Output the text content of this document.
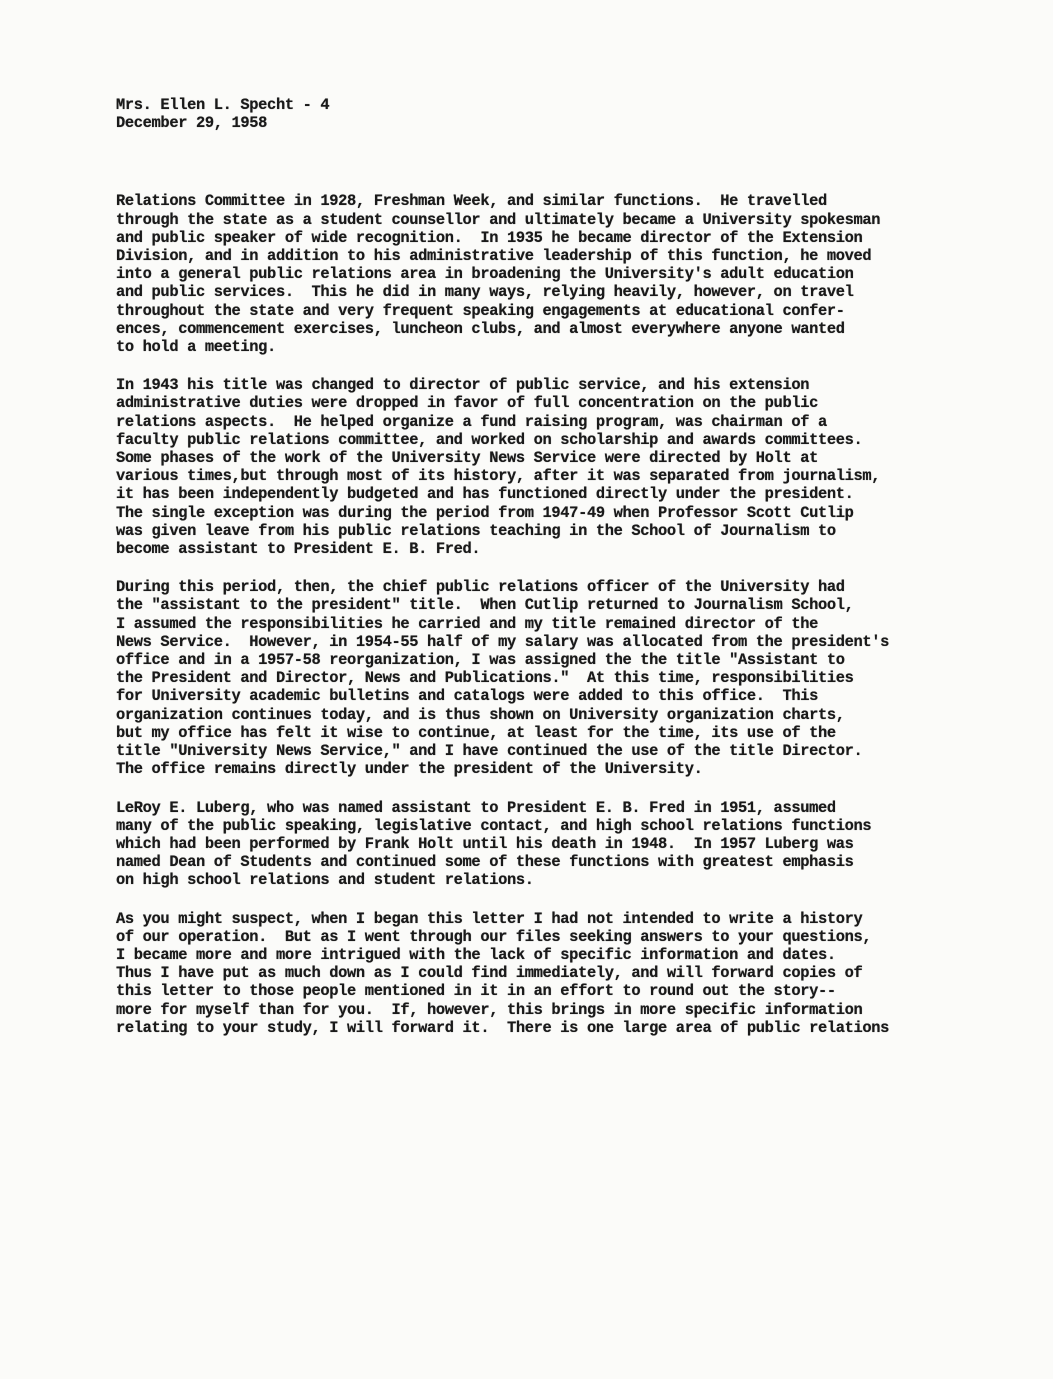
Mrs. Ellen L. Specht - 4
December 29, 1958
Relations Committee in 1928, Freshman Week, and similar functions.  He travelled
through the state as a student counsellor and ultimately became a University spokesman
and public speaker of wide recognition.  In 1935 he became director of the Extension
Division, and in addition to his administrative leadership of this function, he moved
into a general public relations area in broadening the University's adult education
and public services.  This he did in many ways, relying heavily, however, on travel
throughout the state and very frequent speaking engagements at educational confer-
ences, commencement exercises, luncheon clubs, and almost everywhere anyone wanted
to hold a meeting.
In 1943 his title was changed to director of public service, and his extension
administrative duties were dropped in favor of full concentration on the public
relations aspects.  He helped organize a fund raising program, was chairman of a
faculty public relations committee, and worked on scholarship and awards committees.
Some phases of the work of the University News Service were directed by Holt at
various times,but through most of its history, after it was separated from journalism,
it has been independently budgeted and has functioned directly under the president.
The single exception was during the period from 1947-49 when Professor Scott Cutlip
was given leave from his public relations teaching in the School of Journalism to
become assistant to President E. B. Fred.
During this period, then, the chief public relations officer of the University had
the "assistant to the president" title.  When Cutlip returned to Journalism School,
I assumed the responsibilities he carried and my title remained director of the
News Service.  However, in 1954-55 half of my salary was allocated from the president's
office and in a 1957-58 reorganization, I was assigned the the title "Assistant to
the President and Director, News and Publications."  At this time, responsibilities
for University academic bulletins and catalogs were added to this office.  This
organization continues today, and is thus shown on University organization charts,
but my office has felt it wise to continue, at least for the time, its use of the
title "University News Service," and I have continued the use of the title Director.
The office remains directly under the president of the University.
LeRoy E. Luberg, who was named assistant to President E. B. Fred in 1951, assumed
many of the public speaking, legislative contact, and high school relations functions
which had been performed by Frank Holt until his death in 1948.  In 1957 Luberg was
named Dean of Students and continued some of these functions with greatest emphasis
on high school relations and student relations.
As you might suspect, when I began this letter I had not intended to write a history
of our operation.  But as I went through our files seeking answers to your questions,
I became more and more intrigued with the lack of specific information and dates.
Thus I have put as much down as I could find immediately, and will forward copies of
this letter to those people mentioned in it in an effort to round out the story--
more for myself than for you.  If, however, this brings in more specific information
relating to your study, I will forward it.  There is one large area of public relations
